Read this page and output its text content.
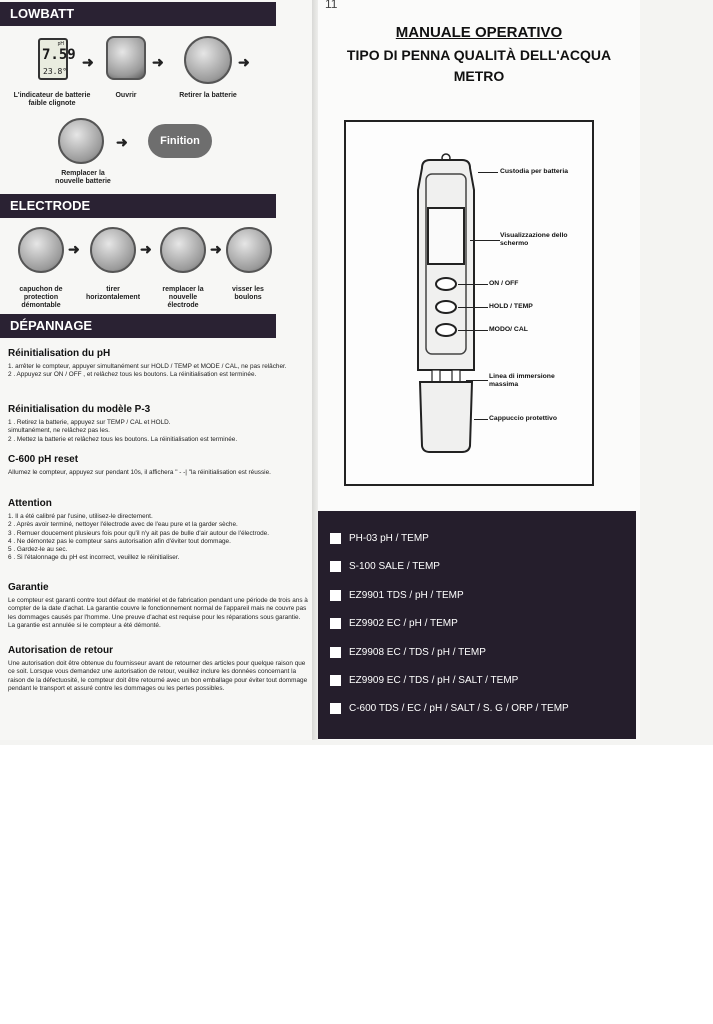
LOWBATT
pH
7.59
23.8°
➜	➜	➜
L'indicateur de batterie
faible clignote
Ouvrir	Retirer la batterie
➜	Finition
Remplacer la
nouvelle batterie
ELECTRODE
➜	➜	➜
capuchon de
protection
démontable
tirer
horizontalement
remplacer la
nouvelle
électrode
visser les
boulons
DÉPANNAGE
Réinitialisation du pH
1. arrêter le compteur, appuyer simultanément sur HOLD / TEMP et MODE / CAL, ne pas relâcher.
2 . Appuyez sur ON / OFF , et relâchez tous les boutons. La réinitialisation est terminée.
Réinitialisation du modèle P-3
1 . Retirez la batterie, appuyez sur TEMP / CAL et HOLD.
simultanément, ne relâchez pas les.
2 . Mettez la batterie et relâchez tous les boutons. La réinitialisation est terminée.
C-600 pH reset
Allumez le compteur, appuyez sur pendant 10s, il affichera " - -| "la réinitialisation est réussie.
Attention
1. Il a été calibré par l'usine, utilisez-le directement.
2 . Après avoir terminé, nettoyer l'électrode avec de l'eau pure et la garder sèche.
3 . Remuer doucement plusieurs fois pour qu'il n'y ait pas de bulle d'air autour de l'électrode.
4 . Ne démontez pas le compteur sans autorisation afin d'éviter tout dommage.
5 . Gardez-le au sec.
6 . Si l'étalonnage du pH est incorrect, veuillez le réinitialiser.
Garantie
Le compteur est garanti contre tout défaut de matériel et de fabrication pendant une période de trois ans à compter de la date d'achat. La garantie couvre le fonctionnement normal de l'appareil mais ne couvre pas les dommages causés par l'homme. Une preuve d'achat est requise pour les réparations sous garantie. La garantie est annulée si le compteur a été démonté.
Autorisation de retour
Une autorisation doit être obtenue du fournisseur avant de retourner des articles pour quelque raison que ce soit. Lorsque vous demandez une autorisation de retour, veuillez inclure les données concernant la raison de la défectuosité, le compteur doit être retourné avec un bon emballage pour éviter tout dommage pendant le transport et assuré contre les dommages ou les pertes possibles.
11
MANUALE OPERATIVO
TIPO DI PENNA QUALITÀ DELL'ACQUA
METRO
Custodia per batteria
Visualizzazione dello
schermo
ON / OFF
HOLD / TEMP
MODO/ CAL
Linea di immersione
massima
Cappuccio protettivo
PH-03 pH / TEMP
S-100 SALE / TEMP
EZ9901 TDS / pH / TEMP
EZ9902 EC / pH / TEMP
EZ9908 EC / TDS / pH / TEMP
EZ9909 EC / TDS / pH / SALT / TEMP
C-600 TDS / EC / pH / SALT / S. G / ORP / TEMP
